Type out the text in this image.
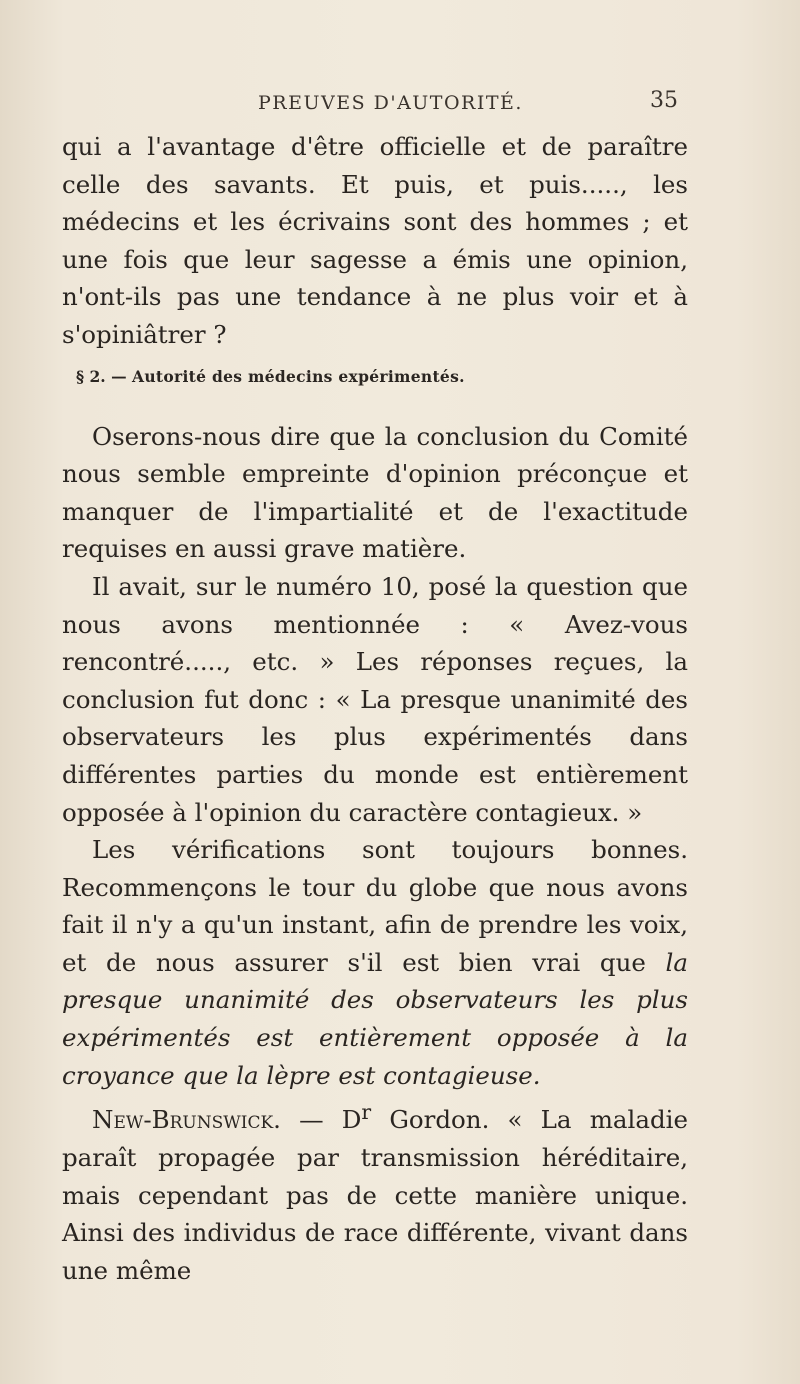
PREUVES D'AUTORITÉ.	35

qui a l'avantage d'être officielle et de paraître celle des savants. Et puis, et puis....., les médecins et les écrivains sont des hommes ; et une fois que leur sagesse a émis une opinion, n'ont-ils pas une tendance à ne plus voir et à s'opiniâtrer ?

§ 2. — Autorité des médecins expérimentés.

Oserons-nous dire que la conclusion du Comité nous semble empreinte d'opinion préconçue et manquer de l'impartialité et de l'exactitude requises en aussi grave matière.

Il avait, sur le numéro 10, posé la question que nous avons mentionnée : « Avez-vous rencontré....., etc. » Les réponses reçues, la conclusion fut donc : « La presque unanimité des observateurs les plus expérimentés dans différentes parties du monde est entièrement opposée à l'opinion du caractère contagieux. »

Les vérifications sont toujours bonnes. Recommençons le tour du globe que nous avons fait il n'y a qu'un instant, afin de prendre les voix, et de nous assurer s'il est bien vrai que la presque unanimité des observateurs les plus expérimentés est entièrement opposée à la croyance que la lèpre est contagieuse.

New-Brunswick. — $D^r$ Gordon. « La maladie paraît propagée par transmission héréditaire, mais cependant pas de cette manière unique. Ainsi des individus de race différente, vivant dans une même
